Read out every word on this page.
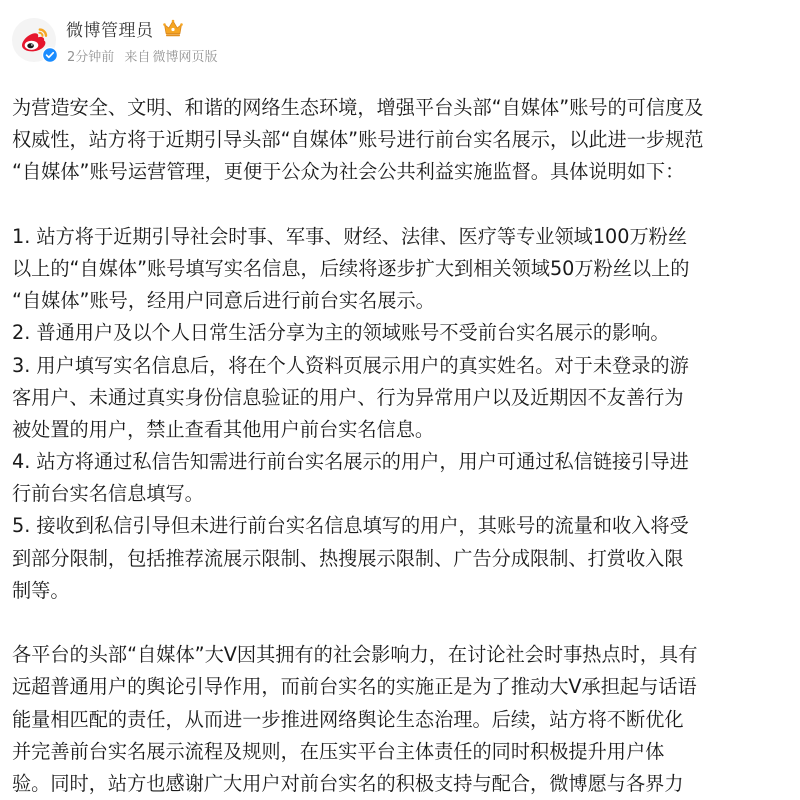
微博管理员
2分钟前 来自 微博网页版
为营造安全、文明、和谐的网络生态环境，增强平台头部“自媒体”账号的可信度及
权威性，站方将于近期引导头部“自媒体”账号进行前台实名展示，以此进一步规范
“自媒体”账号运营管理，更便于公众为社会公共利益实施监督。具体说明如下：
1. 站方将于近期引导社会时事、军事、财经、法律、医疗等专业领域100万粉丝
以上的“自媒体”账号填写实名信息，后续将逐步扩大到相关领域50万粉丝以上的
“自媒体”账号，经用户同意后进行前台实名展示。
2. 普通用户及以个人日常生活分享为主的领域账号不受前台实名展示的影响。
3. 用户填写实名信息后，将在个人资料页展示用户的真实姓名。对于未登录的游
客用户、未通过真实身份信息验证的用户、行为异常用户以及近期因不友善行为
被处置的用户，禁止查看其他用户前台实名信息。
4. 站方将通过私信告知需进行前台实名展示的用户，用户可通过私信链接引导进
行前台实名信息填写。
5. 接收到私信引导但未进行前台实名信息填写的用户，其账号的流量和收入将受
到部分限制，包括推荐流展示限制、热搜展示限制、广告分成限制、打赏收入限
制等。
各平台的头部“自媒体”大V因其拥有的社会影响力，在讨论社会时事热点时，具有
远超普通用户的舆论引导作用，而前台实名的实施正是为了推动大V承担起与话语
能量相匹配的责任，从而进一步推进网络舆论生态治理。后续，站方将不断优化
并完善前台实名展示流程及规则，在压实平台主体责任的同时积极提升用户体
验。同时，站方也感谢广大用户对前台实名的积极支持与配合，微博愿与各界力
